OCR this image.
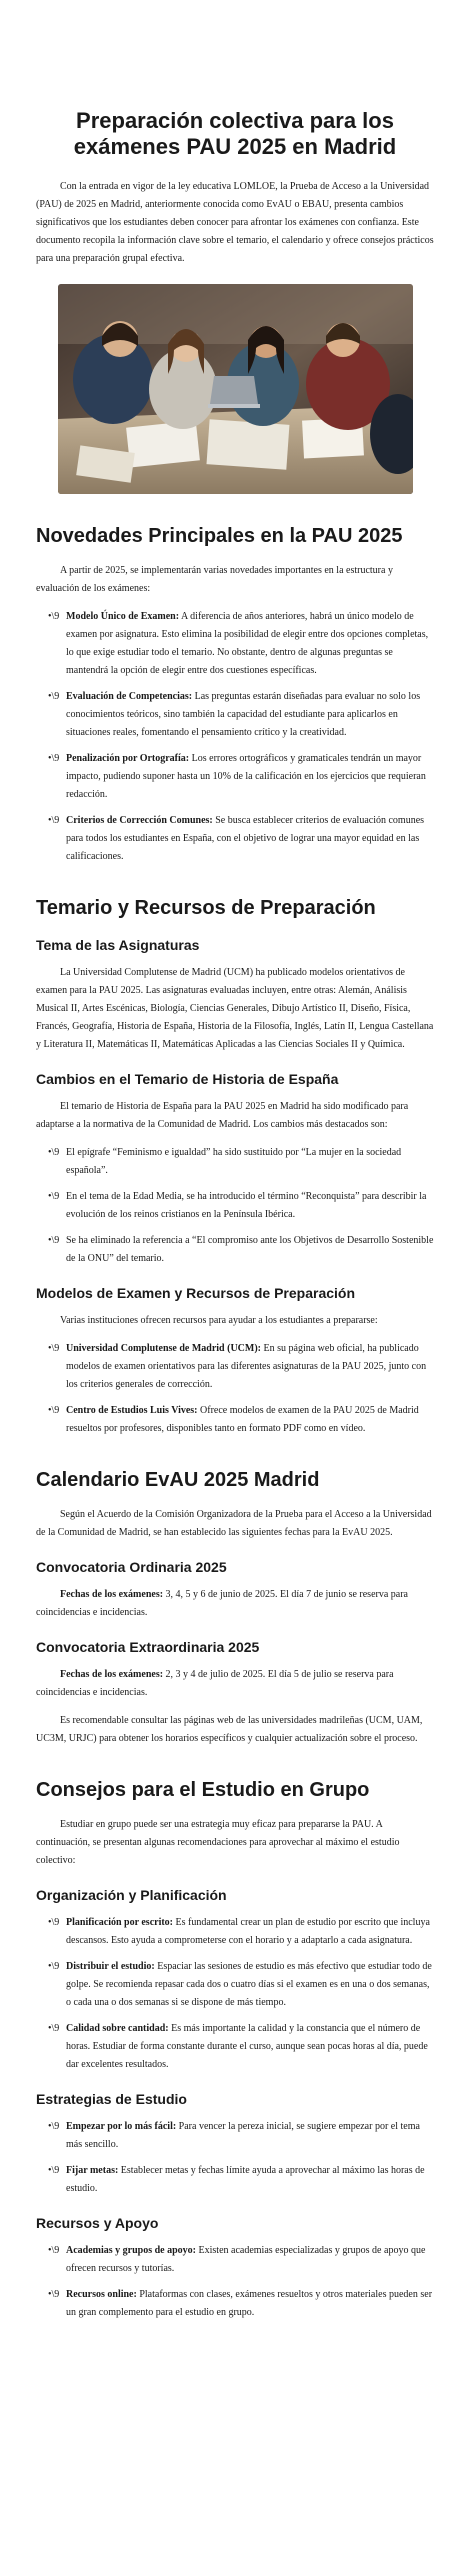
Preparación colectiva para los exámenes PAU 2025 en Madrid

Con la entrada en vigor de la ley educativa LOMLOE, la Prueba de Acceso a la Universidad (PAU) de 2025 en Madrid, anteriormente conocida como EvAU o EBAU, presenta cambios significativos que los estudiantes deben conocer para afrontar los exámenes con confianza. Este documento recopila la información clave sobre el temario, el calendario y ofrece consejos prácticos para una preparación grupal efectiva.

Novedades Principales en la PAU 2025

A partir de 2025, se implementarán varias novedades importantes en la estructura y evaluación de los exámenes:

•\9 Modelo Único de Examen: A diferencia de años anteriores, habrá un único modelo de examen por asignatura. Esto elimina la posibilidad de elegir entre dos opciones completas, lo que exige estudiar todo el temario. No obstante, dentro de algunas preguntas se mantendrá la opción de elegir entre dos cuestiones específicas.
•\9 Evaluación de Competencias: Las preguntas estarán diseñadas para evaluar no solo los conocimientos teóricos, sino también la capacidad del estudiante para aplicarlos en situaciones reales, fomentando el pensamiento crítico y la creatividad.
•\9 Penalización por Ortografía: Los errores ortográficos y gramaticales tendrán un mayor impacto, pudiendo suponer hasta un 10% de la calificación en los ejercicios que requieran redacción.
•\9 Criterios de Corrección Comunes: Se busca establecer criterios de evaluación comunes para todos los estudiantes en España, con el objetivo de lograr una mayor equidad en las calificaciones.
Temario y Recursos de Preparación
Tema de las Asignaturas

La Universidad Complutense de Madrid (UCM) ha publicado modelos orientativos de examen para la PAU 2025. Las asignaturas evaluadas incluyen, entre otras: Alemán, Análisis Musical II, Artes Escénicas, Biología, Ciencias Generales, Dibujo Artístico II, Diseño, Física, Francés, Geografía, Historia de España, Historia de la Filosofía, Inglés, Latín II, Lengua Castellana y Literatura II, Matemáticas II, Matemáticas Aplicadas a las Ciencias Sociales II y Química.

Cambios en el Temario de Historia de España

El temario de Historia de España para la PAU 2025 en Madrid ha sido modificado para adaptarse a la normativa de la Comunidad de Madrid. Los cambios más destacados son:

•\9 El epígrafe “Feminismo e igualdad” ha sido sustituido por “La mujer en la sociedad española”.
•\9 En el tema de la Edad Media, se ha introducido el término “Reconquista” para describir la evolución de los reinos cristianos en la Península Ibérica.
•\9 Se ha eliminado la referencia a “El compromiso ante los Objetivos de Desarrollo Sostenible de la ONU” del temario.
Modelos de Examen y Recursos de Preparación

Varias instituciones ofrecen recursos para ayudar a los estudiantes a prepararse:

•\9 Universidad Complutense de Madrid (UCM): En su página web oficial, ha publicado modelos de examen orientativos para las diferentes asignaturas de la PAU 2025, junto con los criterios generales de corrección.
•\9 Centro de Estudios Luis Vives: Ofrece modelos de examen de la PAU 2025 de Madrid resueltos por profesores, disponibles tanto en formato PDF como en vídeo.
Calendario EvAU 2025 Madrid

Según el Acuerdo de la Comisión Organizadora de la Prueba para el Acceso a la Universidad de la Comunidad de Madrid, se han establecido las siguientes fechas para la EvAU 2025.

Convocatoria Ordinaria 2025

Fechas de los exámenes: 3, 4, 5 y 6 de junio de 2025. El día 7 de junio se reserva para coincidencias e incidencias.

Convocatoria Extraordinaria 2025

Fechas de los exámenes: 2, 3 y 4 de julio de 2025. El día 5 de julio se reserva para coincidencias e incidencias.

Es recomendable consultar las páginas web de las universidades madrileñas (UCM, UAM, UC3M, URJC) para obtener los horarios específicos y cualquier actualización sobre el proceso.

Consejos para el Estudio en Grupo

Estudiar en grupo puede ser una estrategia muy eficaz para prepararse la PAU. A continuación, se presentan algunas recomendaciones para aprovechar al máximo el estudio colectivo:

Organización y Planificación
•\9 Planificación por escrito: Es fundamental crear un plan de estudio por escrito que incluya descansos. Esto ayuda a comprometerse con el horario y a adaptarlo a cada asignatura.
•\9 Distribuir el estudio: Espaciar las sesiones de estudio es más efectivo que estudiar todo de golpe. Se recomienda repasar cada dos o cuatro días si el examen es en una o dos semanas, o cada una o dos semanas si se dispone de más tiempo.
•\9 Calidad sobre cantidad: Es más importante la calidad y la constancia que el número de horas. Estudiar de forma constante durante el curso, aunque sean pocas horas al día, puede dar excelentes resultados.
Estrategias de Estudio
•\9 Empezar por lo más fácil: Para vencer la pereza inicial, se sugiere empezar por el tema más sencillo.
•\9 Fijar metas: Establecer metas y fechas límite ayuda a aprovechar al máximo las horas de estudio.
Recursos y Apoyo
•\9 Academias y grupos de apoyo: Existen academias especializadas y grupos de apoyo que ofrecen recursos y tutorías.
•\9 Recursos online: Plataformas con clases, exámenes resueltos y otros materiales pueden ser un gran complemento para el estudio en grupo.
